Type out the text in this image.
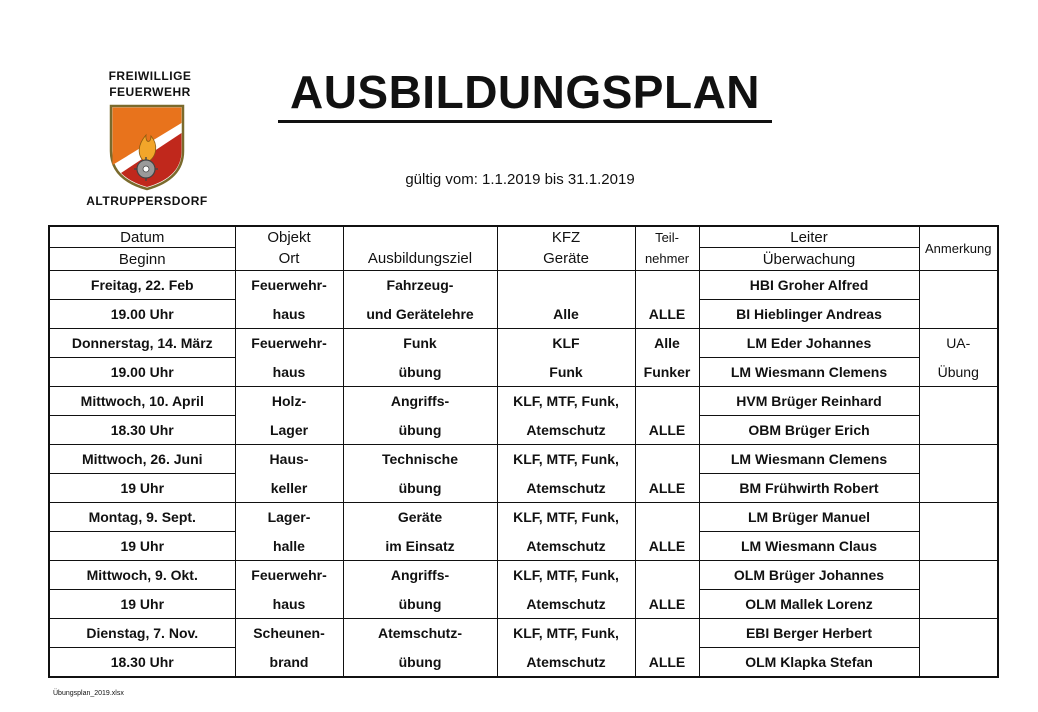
FREIWILLIGE
FEUERWEHR
ALTRUPPERSDORF
AUSBILDUNGSPLAN
gültig vom: 1.1.2019 bis 31.1.2019
Datum	Objekt	Ausbildungsziel	KFZ	Teil-	Leiter	Anmerkung
Beginn	Ort		Geräte	nehmer	Überwachung	
Freitag, 22. Feb	Feuerwehr-	Fahrzeug-			HBI Groher Alfred	
19.00 Uhr	haus	und Gerätelehre	Alle	ALLE	BI Hieblinger Andreas	
Donnerstag, 14. März	Feuerwehr-	Funk	KLF	Alle	LM Eder Johannes	UA-
19.00 Uhr	haus	übung	Funk	Funker	LM Wiesmann Clemens	Übung
Mittwoch, 10. April	Holz-	Angriffs-	KLF, MTF, Funk,		HVM Brüger Reinhard	
18.30 Uhr	Lager	übung	Atemschutz	ALLE	OBM Brüger Erich	
Mittwoch, 26. Juni	Haus-	Technische	KLF, MTF, Funk,		LM Wiesmann Clemens	
19 Uhr	keller	übung	Atemschutz	ALLE	BM Frühwirth Robert	
Montag, 9. Sept.	Lager-	Geräte	KLF, MTF, Funk,		LM Brüger Manuel	
19 Uhr	halle	im Einsatz	Atemschutz	ALLE	LM Wiesmann Claus	
Mittwoch, 9. Okt.	Feuerwehr-	Angriffs-	KLF, MTF, Funk,		OLM Brüger Johannes	
19 Uhr	haus	übung	Atemschutz	ALLE	OLM Mallek Lorenz	
Dienstag, 7. Nov.	Scheunen-	Atemschutz-	KLF, MTF, Funk,		EBI Berger Herbert	
18.30 Uhr	brand	übung	Atemschutz	ALLE	OLM Klapka Stefan	
Übungsplan_2019.xlsx
